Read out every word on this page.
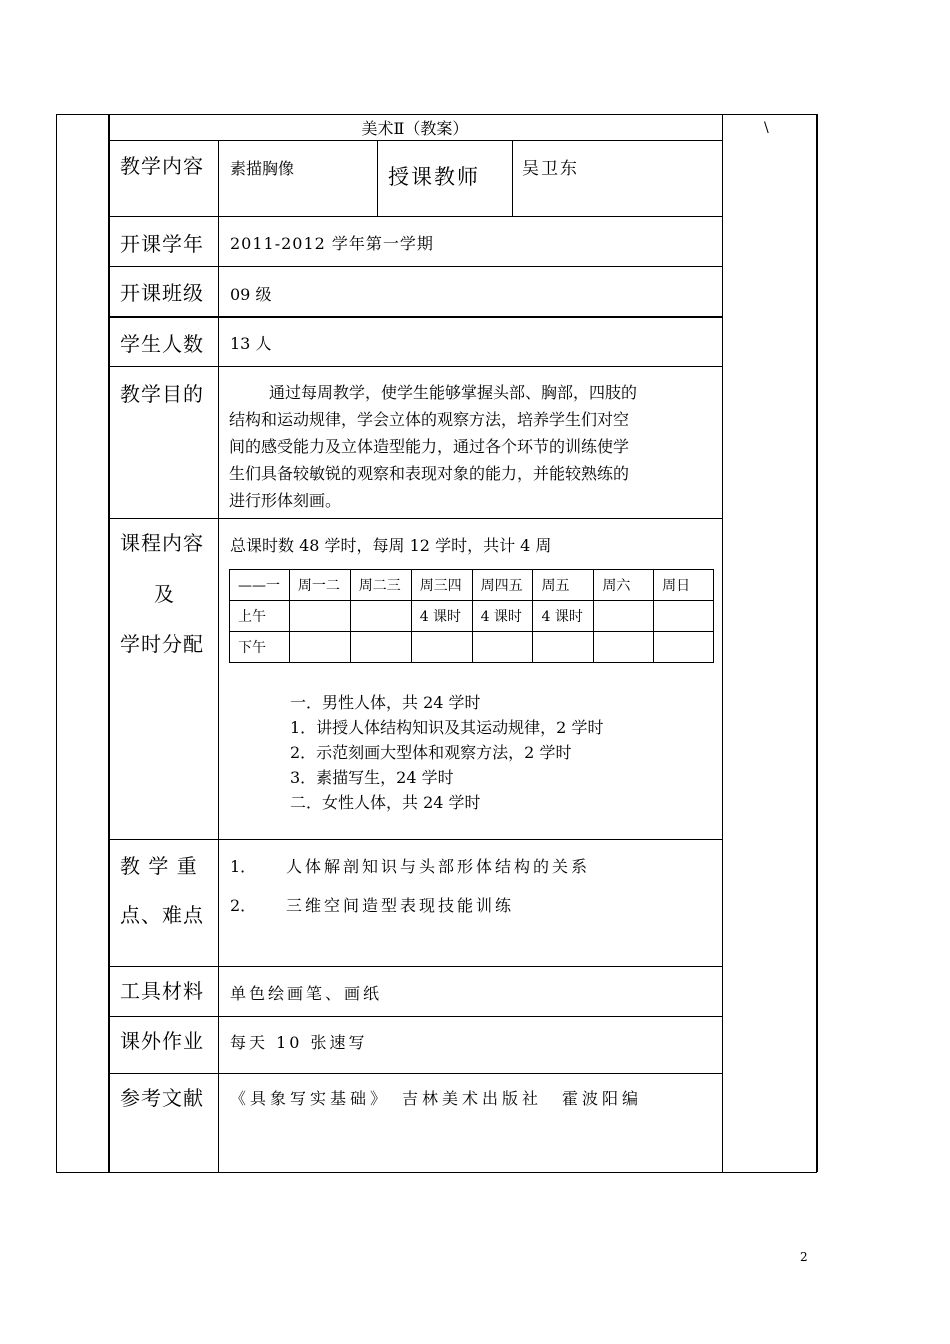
美术Ⅱ（教案）	\
教学内容 素描胸像	授课教师 吴卫东
开课学年 2011-2012 学年第一学期
开课班级 09 级
学生人数 13 人
教学目的	通过每周教学，使学生能够掌握头部、胸部，四肢的

结构和运动规律，学会立体的观察方法，培养学生们对空

间的感受能力及立体造型能力，通过各个环节的训练使学

生们具备较敏锐的观察和表现对象的能力，并能较熟练的

进行形体刻画。

课程内容
及
学时分配
总课时数 48 学时，每周 12 学时，共计 4 周
——一	周一二	周二三	周三四	周四五	周五	周六	周日
上午			4 课时	4 课时	4 课时		
下午							
一．男性人体，共 24 学时
1．讲授人体结构知识及其运动规律，2 学时
2．示范刻画大型体和观察方法，2 学时
3．素描写生，24 学时
二．女性人体，共 24 学时
教 学 重
点、难点
1． 人体解剖知识与头部形体结构的关系
2． 三维空间造型表现技能训练
工具材料 单色绘画笔、画纸
课外作业 每天 10 张速写
参考文献 《具象写实基础》　吉林美术出版社　霍波阳编
2
